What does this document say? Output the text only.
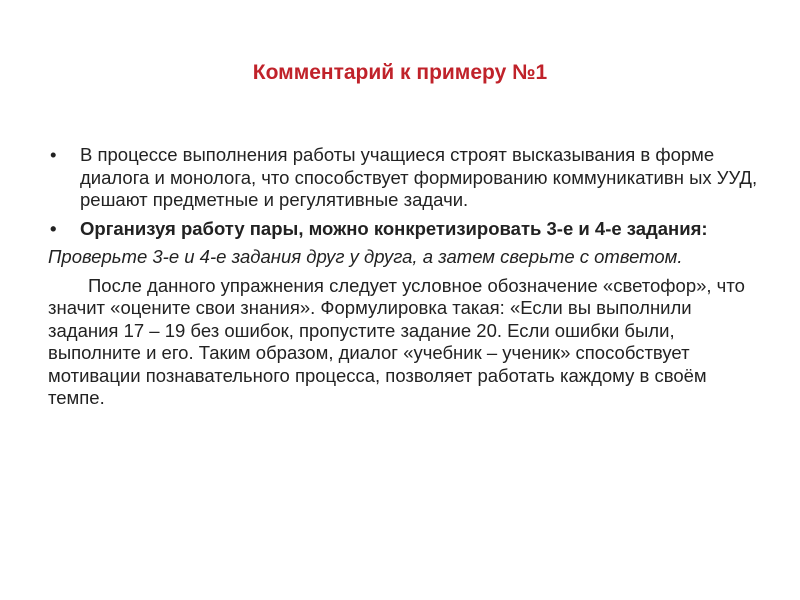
Комментарий к примеру №1
• В процессе выполнения работы учащиеся строят высказывания в форме диалога и монолога, что способствует формированию коммуникативн ых УУД, решают предметные и регулятивные задачи.
• Организуя работу пары, можно конкретизировать 3-е и 4-е задания:

Проверьте 3-е и 4-е задания друг у друга, а затем сверьте с ответом.

После данного упражнения следует условное обозначение «светофор», что значит «оцените свои знания». Формулировка такая: «Если вы выполнили задания 17 – 19 без ошибок, пропустите задание 20. Если ошибки были, выполните и его. Таким образом, диалог «учебник – ученик» способствует мотивации познавательного процесса, позволяет работать каждому в своём темпе.
